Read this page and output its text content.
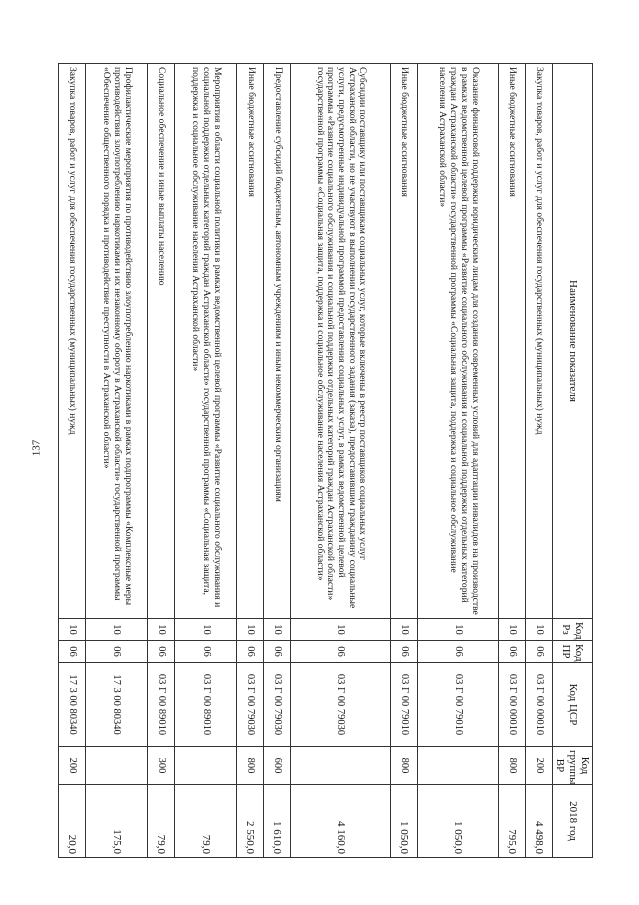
137
Наименование показателя	Код Рз	Код ПР	Код ЦСР	Код группы ВР	2018 год
Закупка товаров, работ и услуг для обеспечения государственных (муниципальных) нужд	10	06	03 Г 00 00010	200	4 498,0
Иные бюджетные ассигнования	10	06	03 Г 00 00010	800	795,0
Оказание финансовой поддержки юридическим лицам для создания современных условий для адаптации инвалидов на производстве в рамках ведомственной целевой программы «Развитие социального обслуживания и социальной поддержки отдельных категорий граждан Астраханской области» государственной программы «Социальная защита, поддержка и социальное обслуживание населения Астраханской области»	10	06	03 Г 00 79010		1 050,0
Иные бюджетные ассигнования	10	06	03 Г 00 79010	800	1 050,0
Субсидии поставщику или поставщикам социальных услуг, которые включены в реестр поставщиков социальных услуг Астраханской области, но не участвуют в выполнении государственного задания (заказа), предоставившим гражданину социальные услуги, предусмотренные индивидуальной программой предоставления социальных услуг, в рамках ведомственной целевой программы «Развитие социального обслуживания и социальной поддержки отдельных категорий граждан Астраханской области» государственной программы «Социальная защита, поддержка и социальное обслуживание населения Астраханской области»	10	06	03 Г 00 79030		4 160,0
Предоставление субсидий бюджетным, автономным учреждениям и иным некоммерческим организациям	10	06	03 Г 00 79030	600	1 610,0
Иные бюджетные ассигнования	10	06	03 Г 00 79030	800	2 550,0
Мероприятия в области социальной политики в рамках ведомственной целевой программы «Развитие социального обслуживания и социальной поддержки отдельных категорий граждан Астраханской области» государственной программы «Социальная защита, поддержка и социальное обслуживание населения Астраханской области»	10	06	03 Г 00 89010		79,0
Социальное обеспечение и иные выплаты населению	10	06	03 Г 00 89010	300	79,0
Профилактические мероприятия по противодействию злоупотреблению наркотиками в рамках подпрограммы «Комплексные меры противодействия злоупотреблению наркотиками и их незаконному обороту в Астраханской области» государственной программы «Обеспечение общественного порядка и противодействие преступности в Астраханской области»	10	06	17 3 00 80340		175,0
Закупка товаров, работ и услуг для обеспечения государственных (муниципальных) нужд	10	06	17 3 00 80340	200	20,0
